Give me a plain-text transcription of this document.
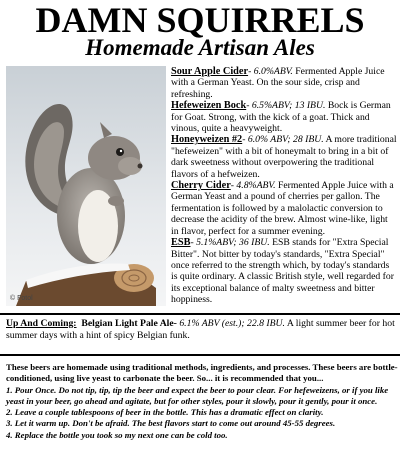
DAMN SQUIRRELS
Homemade Artisan Ales
© Fotol

Sour Apple Cider- 6.0%ABV. Fermented Apple Juice with a German Yeast. On the sour side, crisp and refreshing.

Hefeweizen Bock- 6.5%ABV; 13 IBU. Bock is German for Goat. Strong, with the kick of a goat. Thick and vinous, quite a heavyweight.

Honeyweizen #2- 6.0% ABV; 28 IBU. A more traditional "hefeweizen" with a bit of honeymalt to bring in a bit of dark sweetness without overpowering the traditional flavors of a hefweizen.

Cherry Cider- 4.8%ABV. Fermented Apple Juice with a German Yeast and a pound of cherries per gallon. The fermentation is followed by a malolactic conversion to decrease the acidity of the brew. Almost wine-like, light in flavor, perfect for a summer evening.

ESB- 5.1%ABV; 36 IBU. ESB stands for "Extra Special Bitter". Not bitter by today's standards, "Extra Special" once referred to the strength which, by today's standards is quite ordinary. A classic British style, well regarded for its exceptional balance of malty sweetness and bitter hoppiness.

Up And Coming: Belgian Light Pale Ale- 6.1% ABV (est.); 22.8 IBU. A light summer beer for hot summer days with a hint of spicy Belgian funk.

These beers are homemade using traditional methods, ingredients, and processes. These beers are bottle-conditioned, using live yeast to carbonate the beer. So... it is recommended that you...

1. Pour Once. Do not tip, tip, tip the beer and expect the beer to pour clear. For hefeweizens, or if you like yeast in your beer, go ahead and agitate, but for other styles, pour it slowly, pour it gently, pour it once.

2. Leave a couple tablespoons of beer in the bottle. This has a dramatic effect on clarity.

3. Let it warm up. Don't be afraid. The best flavors start to come out around 45-55 degrees.

4. Replace the bottle you took so my next one can be cold too.
